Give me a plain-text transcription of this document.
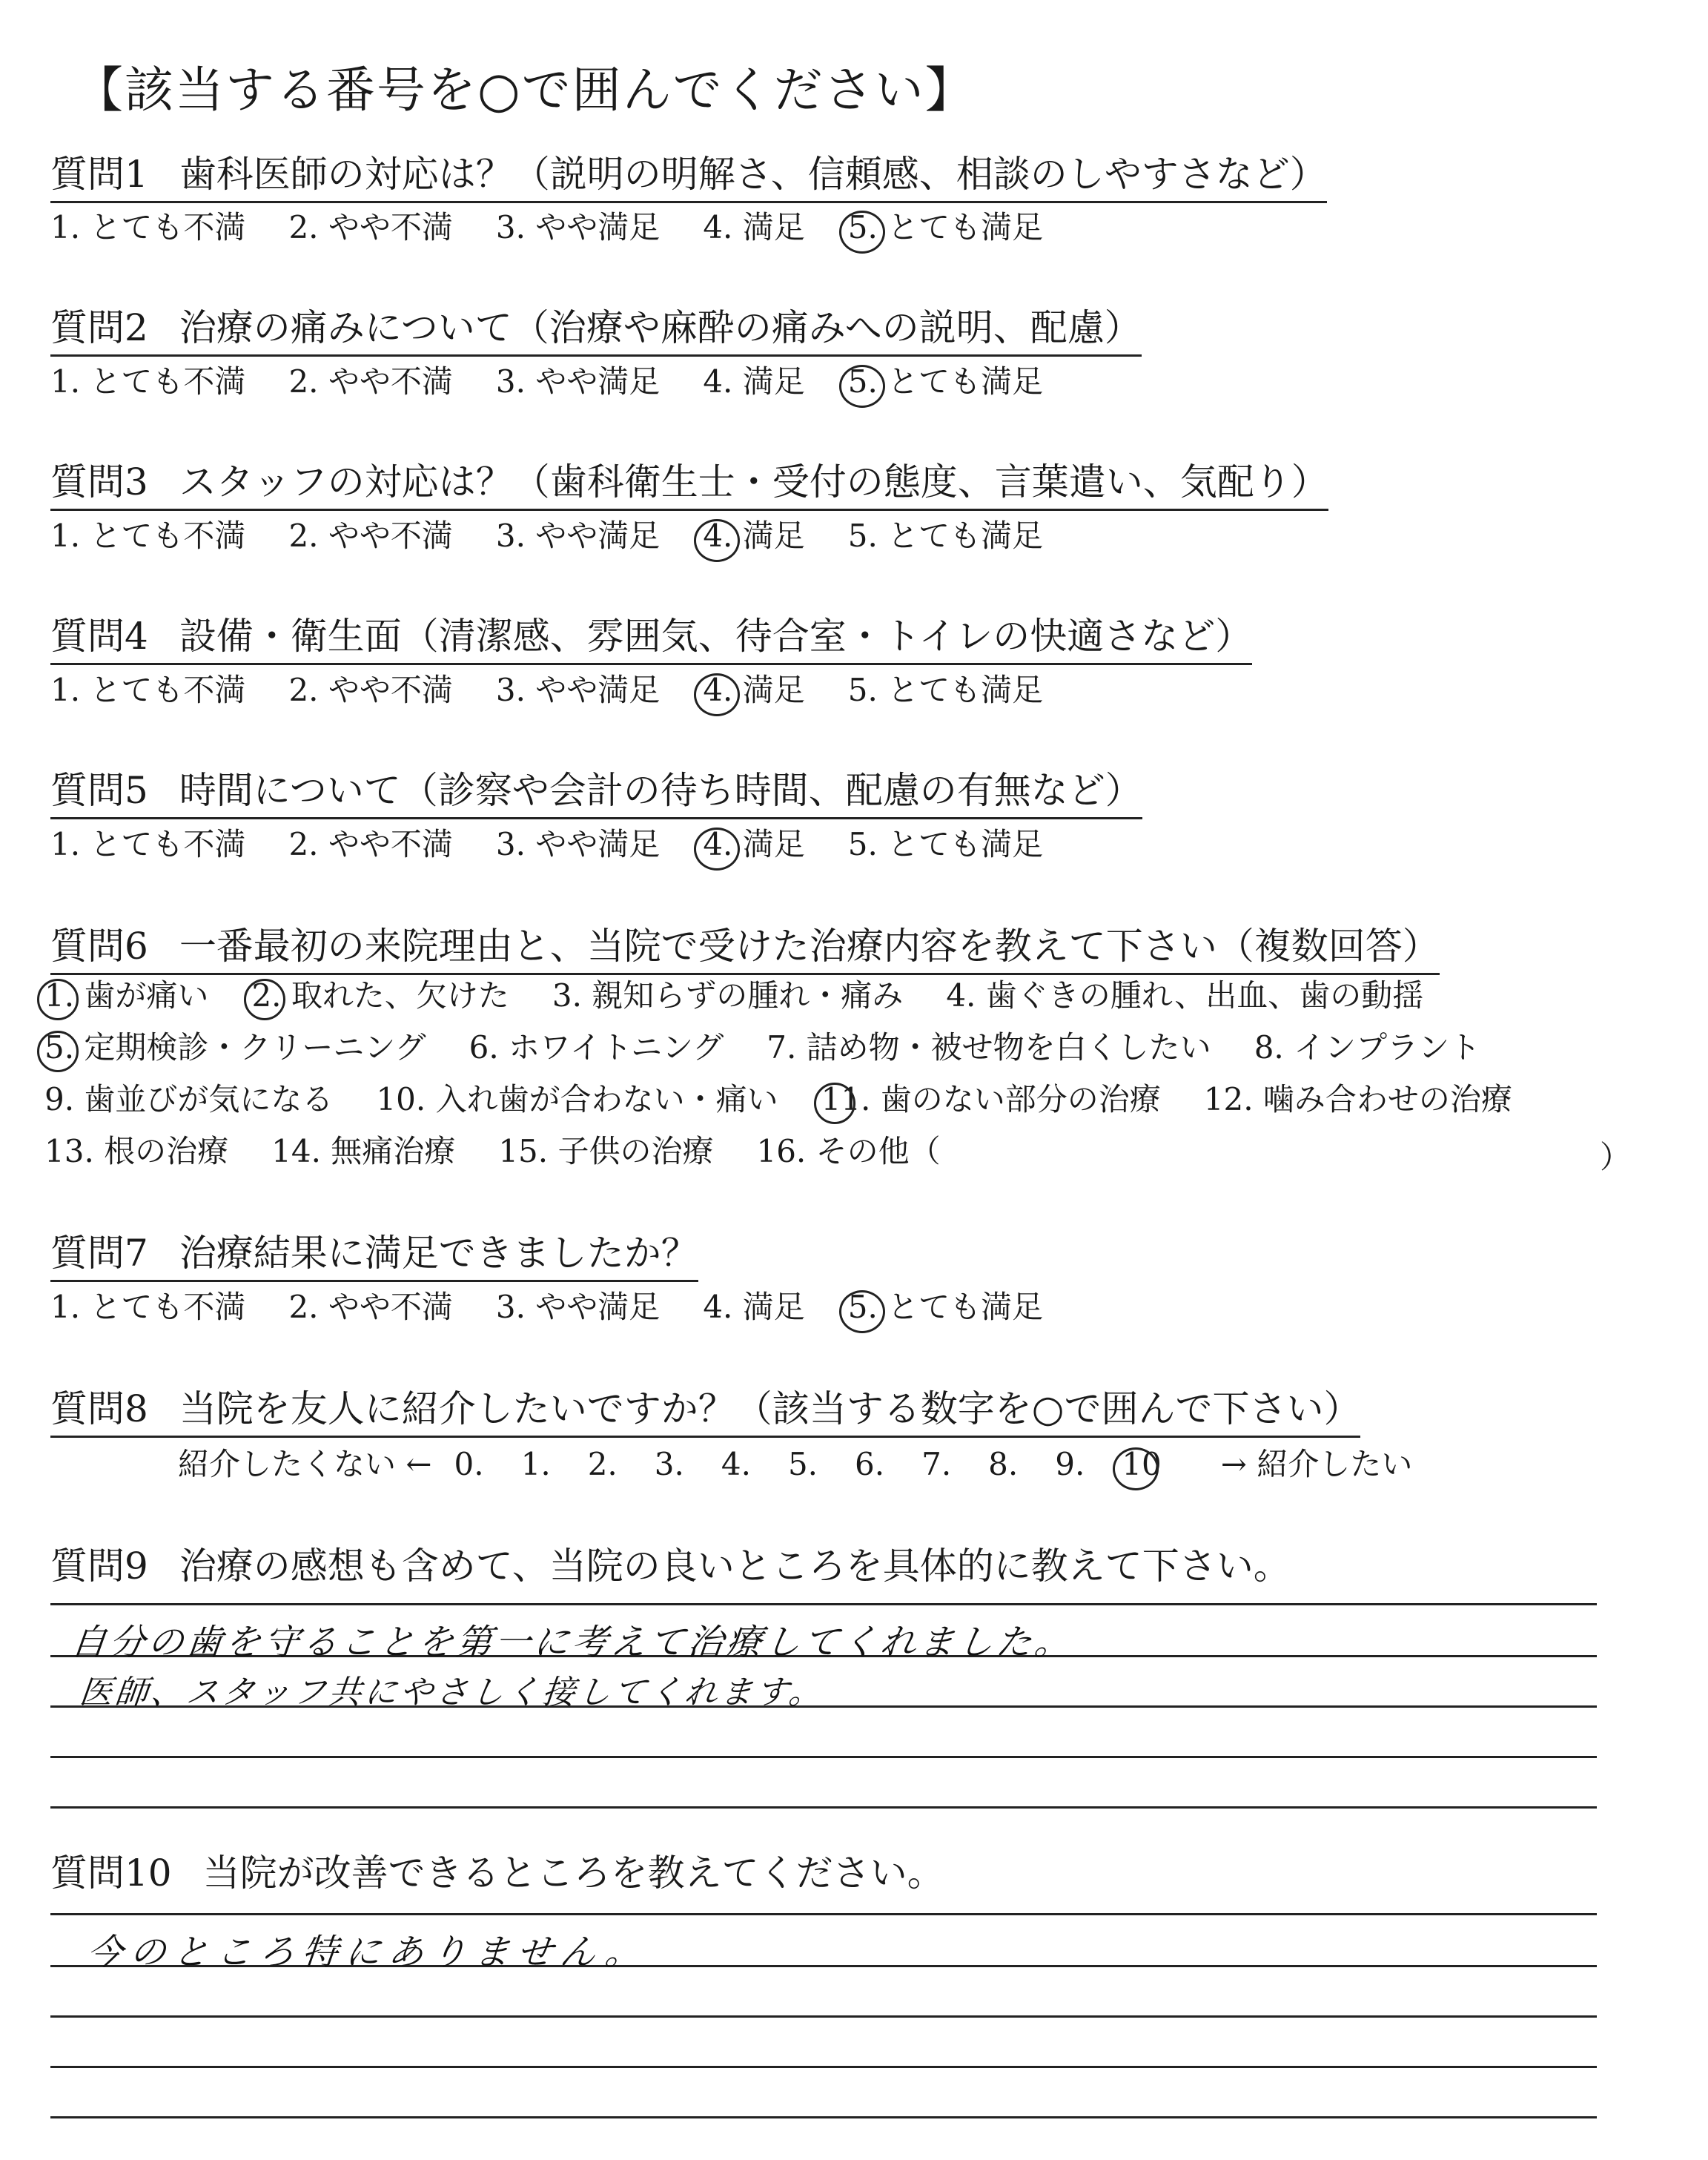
【該当する番号を○で囲んでください】
質問1 歯科医師の対応は？（説明の明解さ、信頼感、相談のしやすさなど）
1. とても不満 2. やや不満 3. やや満足 4. 満足 5. とても満足
質問2 治療の痛みについて（治療や麻酔の痛みへの説明、配慮）
1. とても不満 2. やや不満 3. やや満足 4. 満足 5. とても満足
質問3 スタッフの対応は？（歯科衛生士・受付の態度、言葉遣い、気配り）
1. とても不満 2. やや不満 3. やや満足 4. 満足 5. とても満足
質問4 設備・衛生面（清潔感、雰囲気、待合室・トイレの快適さなど）
1. とても不満 2. やや不満 3. やや満足 4. 満足 5. とても満足
質問5 時間について（診察や会計の待ち時間、配慮の有無など）
1. とても不満 2. やや不満 3. やや満足 4. 満足 5. とても満足
質問6 一番最初の来院理由と、当院で受けた治療内容を教えて下さい（複数回答）
1. 歯が痛い 2. 取れた、欠けた 3. 親知らずの腫れ・痛み 4. 歯ぐきの腫れ、出血、歯の動揺
5. 定期検診・クリーニング 6. ホワイトニング 7. 詰め物・被せ物を白くしたい 8. インプラント
9. 歯並びが気になる 10. 入れ歯が合わない・痛い 11. 歯のない部分の治療 12. 噛み合わせの治療
13. 根の治療 14. 無痛治療 15. 子供の治療 16. その他（	）
質問7 治療結果に満足できましたか？
1. とても不満 2. やや不満 3. やや満足 4. 満足 5. とても満足
質問8 当院を友人に紹介したいですか？（該当する数字を○で囲んで下さい）
紹介したくない ← 0. 1. 2. 3. 4. 5. 6. 7. 8. 9. 10 → 紹介したい
質問9 治療の感想も含めて、当院の良いところを具体的に教えて下さい。
自分の歯を守ることを第一に考えて治療してくれました。
医師、スタッフ共にやさしく接してくれます。
質問10 当院が改善できるところを教えてください。
今のところ特にありません。
